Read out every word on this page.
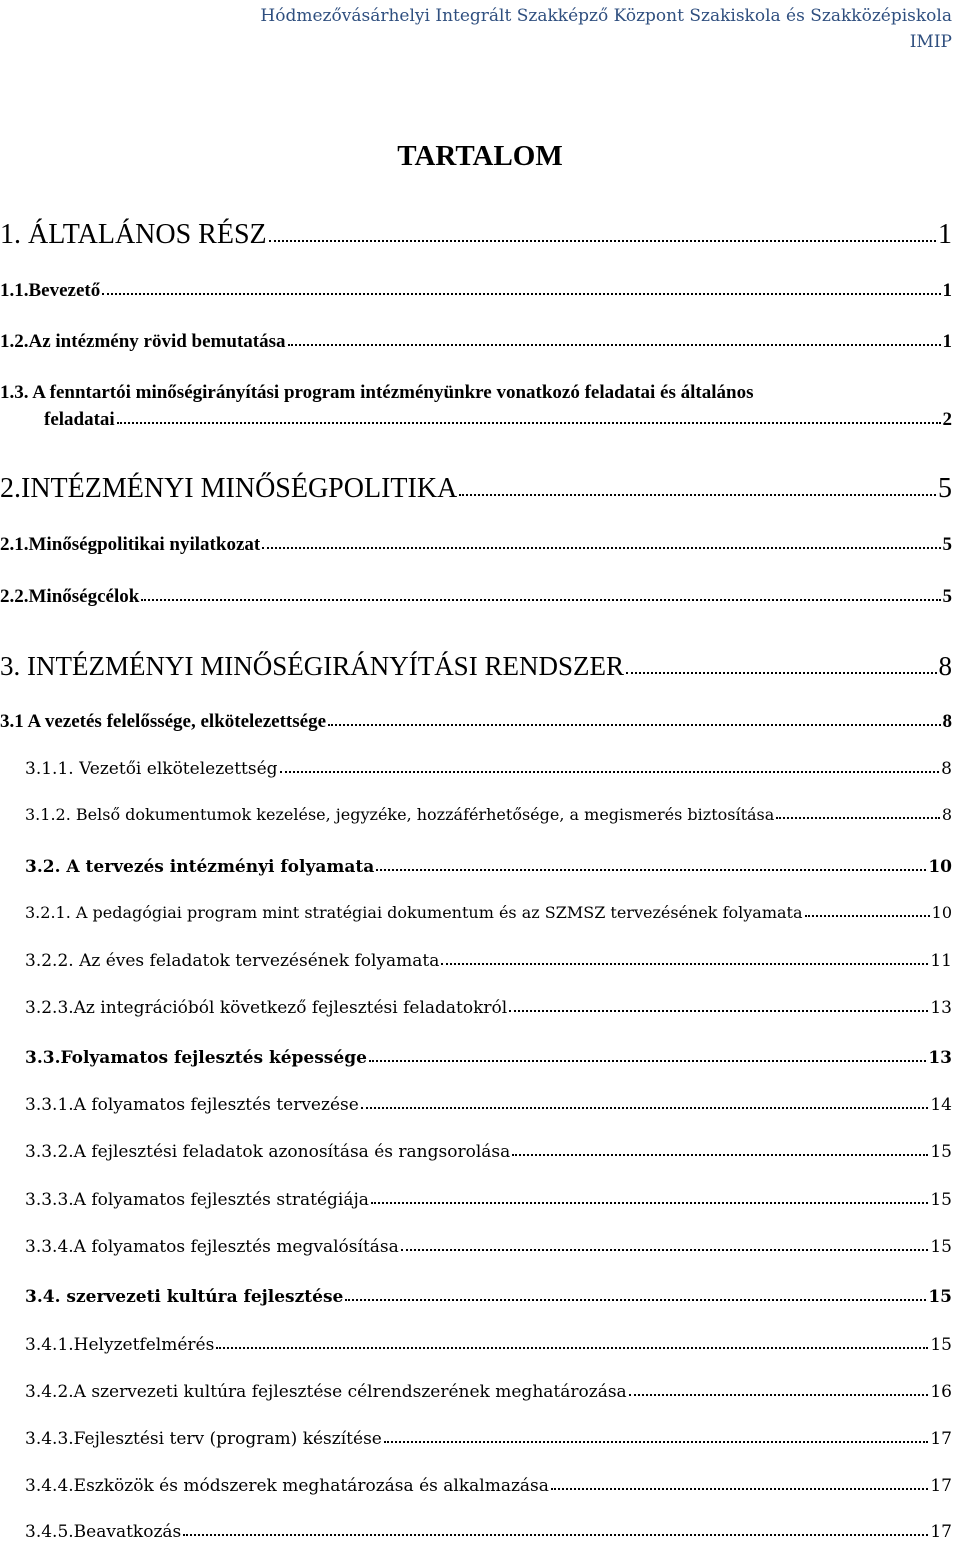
Hódmezővásárhelyi Integrált Szakképző Központ Szakiskola és Szakközépiskola
IMIP
TARTALOM
1. ÁLTALÁNOS RÉSZ	1
1.1.Bevezető	1
1.2.Az intézmény rövid bemutatása	1
1.3. A fenntartói minőségirányítási program intézményünkre vonatkozó feladatai és általános
feladatai	2
2.INTÉZMÉNYI MINŐSÉGPOLITIKA	5
2.1.Minőségpolitikai nyilatkozat	5
2.2.Minőségcélok	5
3. INTÉZMÉNYI MINŐSÉGIRÁNYÍTÁSI RENDSZER	8
3.1 A vezetés felelőssége, elkötelezettsége	8
3.1.1. Vezetői elkötelezettség	8
3.1.2. Belső dokumentumok kezelése, jegyzéke, hozzáférhetősége, a megismerés biztosítása	8
3.2. A tervezés intézményi folyamata	10
3.2.1. A pedagógiai program mint stratégiai dokumentum és az SZMSZ tervezésének folyamata	10
3.2.2. Az éves feladatok tervezésének folyamata	11
3.2.3.Az integrációból következő fejlesztési feladatokról	13
3.3.Folyamatos fejlesztés képessége	13
3.3.1.A folyamatos fejlesztés tervezése	14
3.3.2.A fejlesztési feladatok azonosítása és rangsorolása	15
3.3.3.A folyamatos fejlesztés stratégiája	15
3.3.4.A folyamatos fejlesztés megvalósítása	15
3.4. szervezeti kultúra fejlesztése	15
3.4.1.Helyzetfelmérés	15
3.4.2.A szervezeti kultúra fejlesztése célrendszerének meghatározása	16
3.4.3.Fejlesztési terv (program) készítése	17
3.4.4.Eszközök és módszerek meghatározása és alkalmazása	17
3.4.5.Beavatkozás	17
